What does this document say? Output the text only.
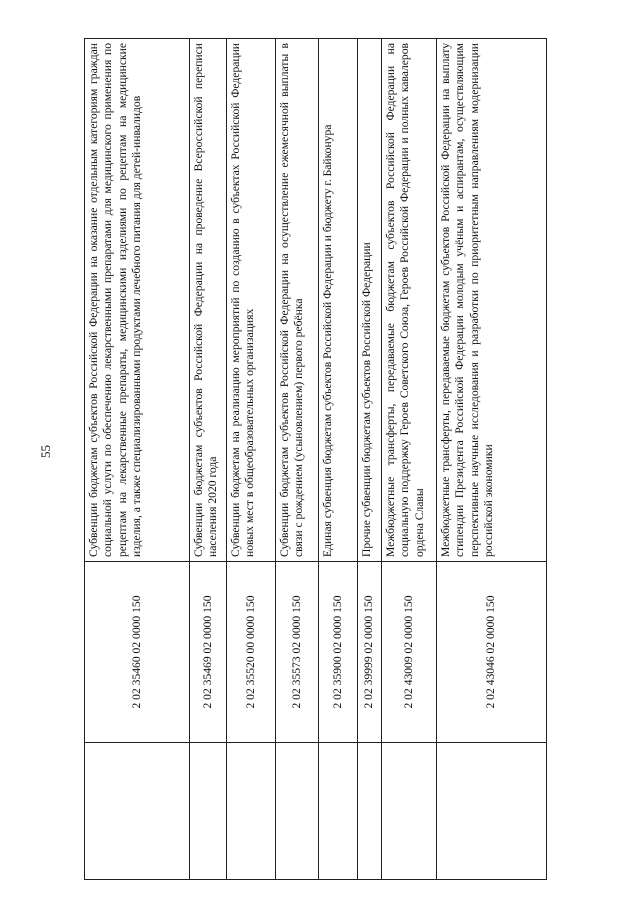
55
	2 02 35460 02 0000 150	Субвенции бюджетам субъектов Российской Федерации на оказание отдельным категориям граждан социальной услуги по обеспечению лекарственными препаратами для медицинского применения по рецептам на лекарственные препараты, медицинскими изделиями по рецептам на медицинские изделия, а также специализированными продуктами лечебного питания для детей-инвалидов
	2 02 35469 02 0000 150	Субвенции бюджетам субъектов Российской Федерации на проведение Всероссийской переписи населения 2020 года
	2 02 35520 00 0000 150	Субвенции бюджетам на реализацию мероприятий по созданию в субъектах Российской Федерации новых мест в общеобразовательных организациях
	2 02 35573 02 0000 150	Субвенции бюджетам субъектов Российской Федерации на осуществление ежемесячной выплаты в связи с рождением (усыновлением) первого ребёнка
	2 02 35900 02 0000 150	Единая субвенция бюджетам субъектов Российской Федерации и бюджету г. Байконура
	2 02 39999 02 0000 150	Прочие субвенции бюджетам субъектов Российской Федерации
	2 02 43009 02 0000 150	Межбюджетные трансферты, передаваемые бюджетам субъектов Российской Федерации на социальную поддержку Героев Советского Союза, Героев Российской Федерации и полных кавалеров ордена Славы
	2 02 43046 02 0000 150	Межбюджетные трансферты, передаваемые бюджетам субъектов Российской Федерации на выплату стипендии Президента Российской Федерации молодым учёным и аспирантам, осуществляющим перспективные научные исследования и разработки по приоритетным направлениям модернизации российской экономики
